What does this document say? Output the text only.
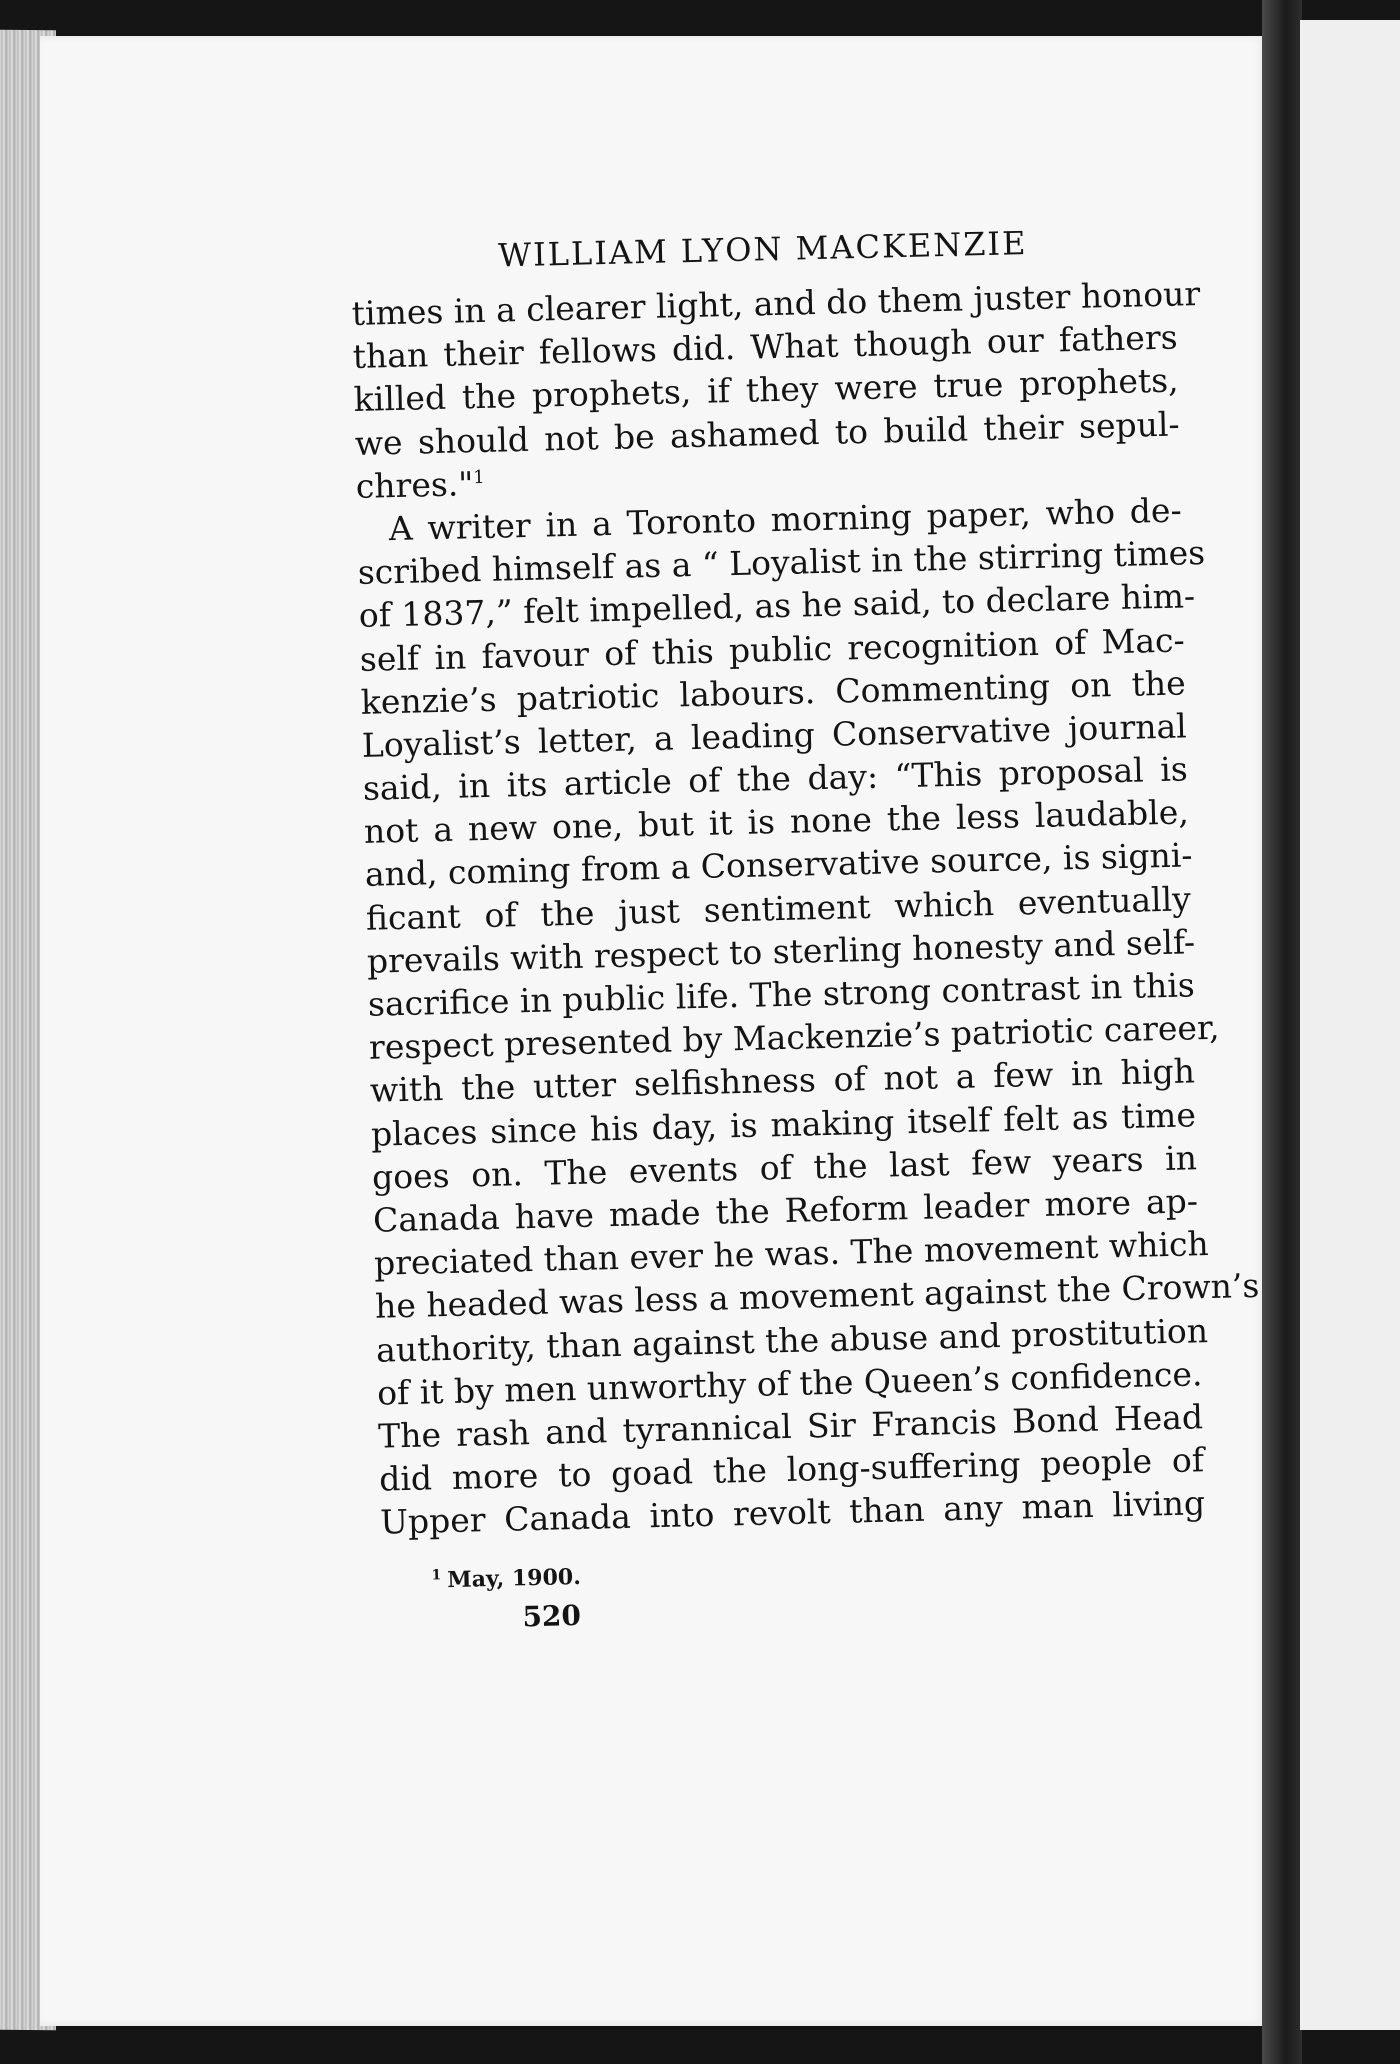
WILLIAM LYON MACKENZIE
times in a clearer light, and do them juster honour
than their fellows did. What though our fathers
killed the prophets, if they were true prophets,
we should not be ashamed to build their sepul-
chres."$^1$
A writer in a Toronto morning paper, who de-
scribed himself as a “ Loyalist in the stirring times
of 1837,” felt impelled, as he said, to declare him-
self in favour of this public recognition of Mac-
kenzie’s patriotic labours. Commenting on the
Loyalist’s letter, a leading Conservative journal
said, in its article of the day: “This proposal is
not a new one, but it is none the less laudable,
and, coming from a Conservative source, is signi-
ficant of the just sentiment which eventually
prevails with respect to sterling honesty and self-
sacrifice in public life. The strong contrast in this
respect presented by Mackenzie’s patriotic career,
with the utter selfishness of not a few in high
places since his day, is making itself felt as time
goes on. The events of the last few years in
Canada have made the Reform leader more ap-
preciated than ever he was. The movement which
he headed was less a movement against the Crown’s
authority, than against the abuse and prostitution
of it by men unworthy of the Queen’s confidence.
The rash and tyrannical Sir Francis Bond Head
did more to goad the long-suffering people of
Upper Canada into revolt than any man living
$^1$ May, 1900.
520
